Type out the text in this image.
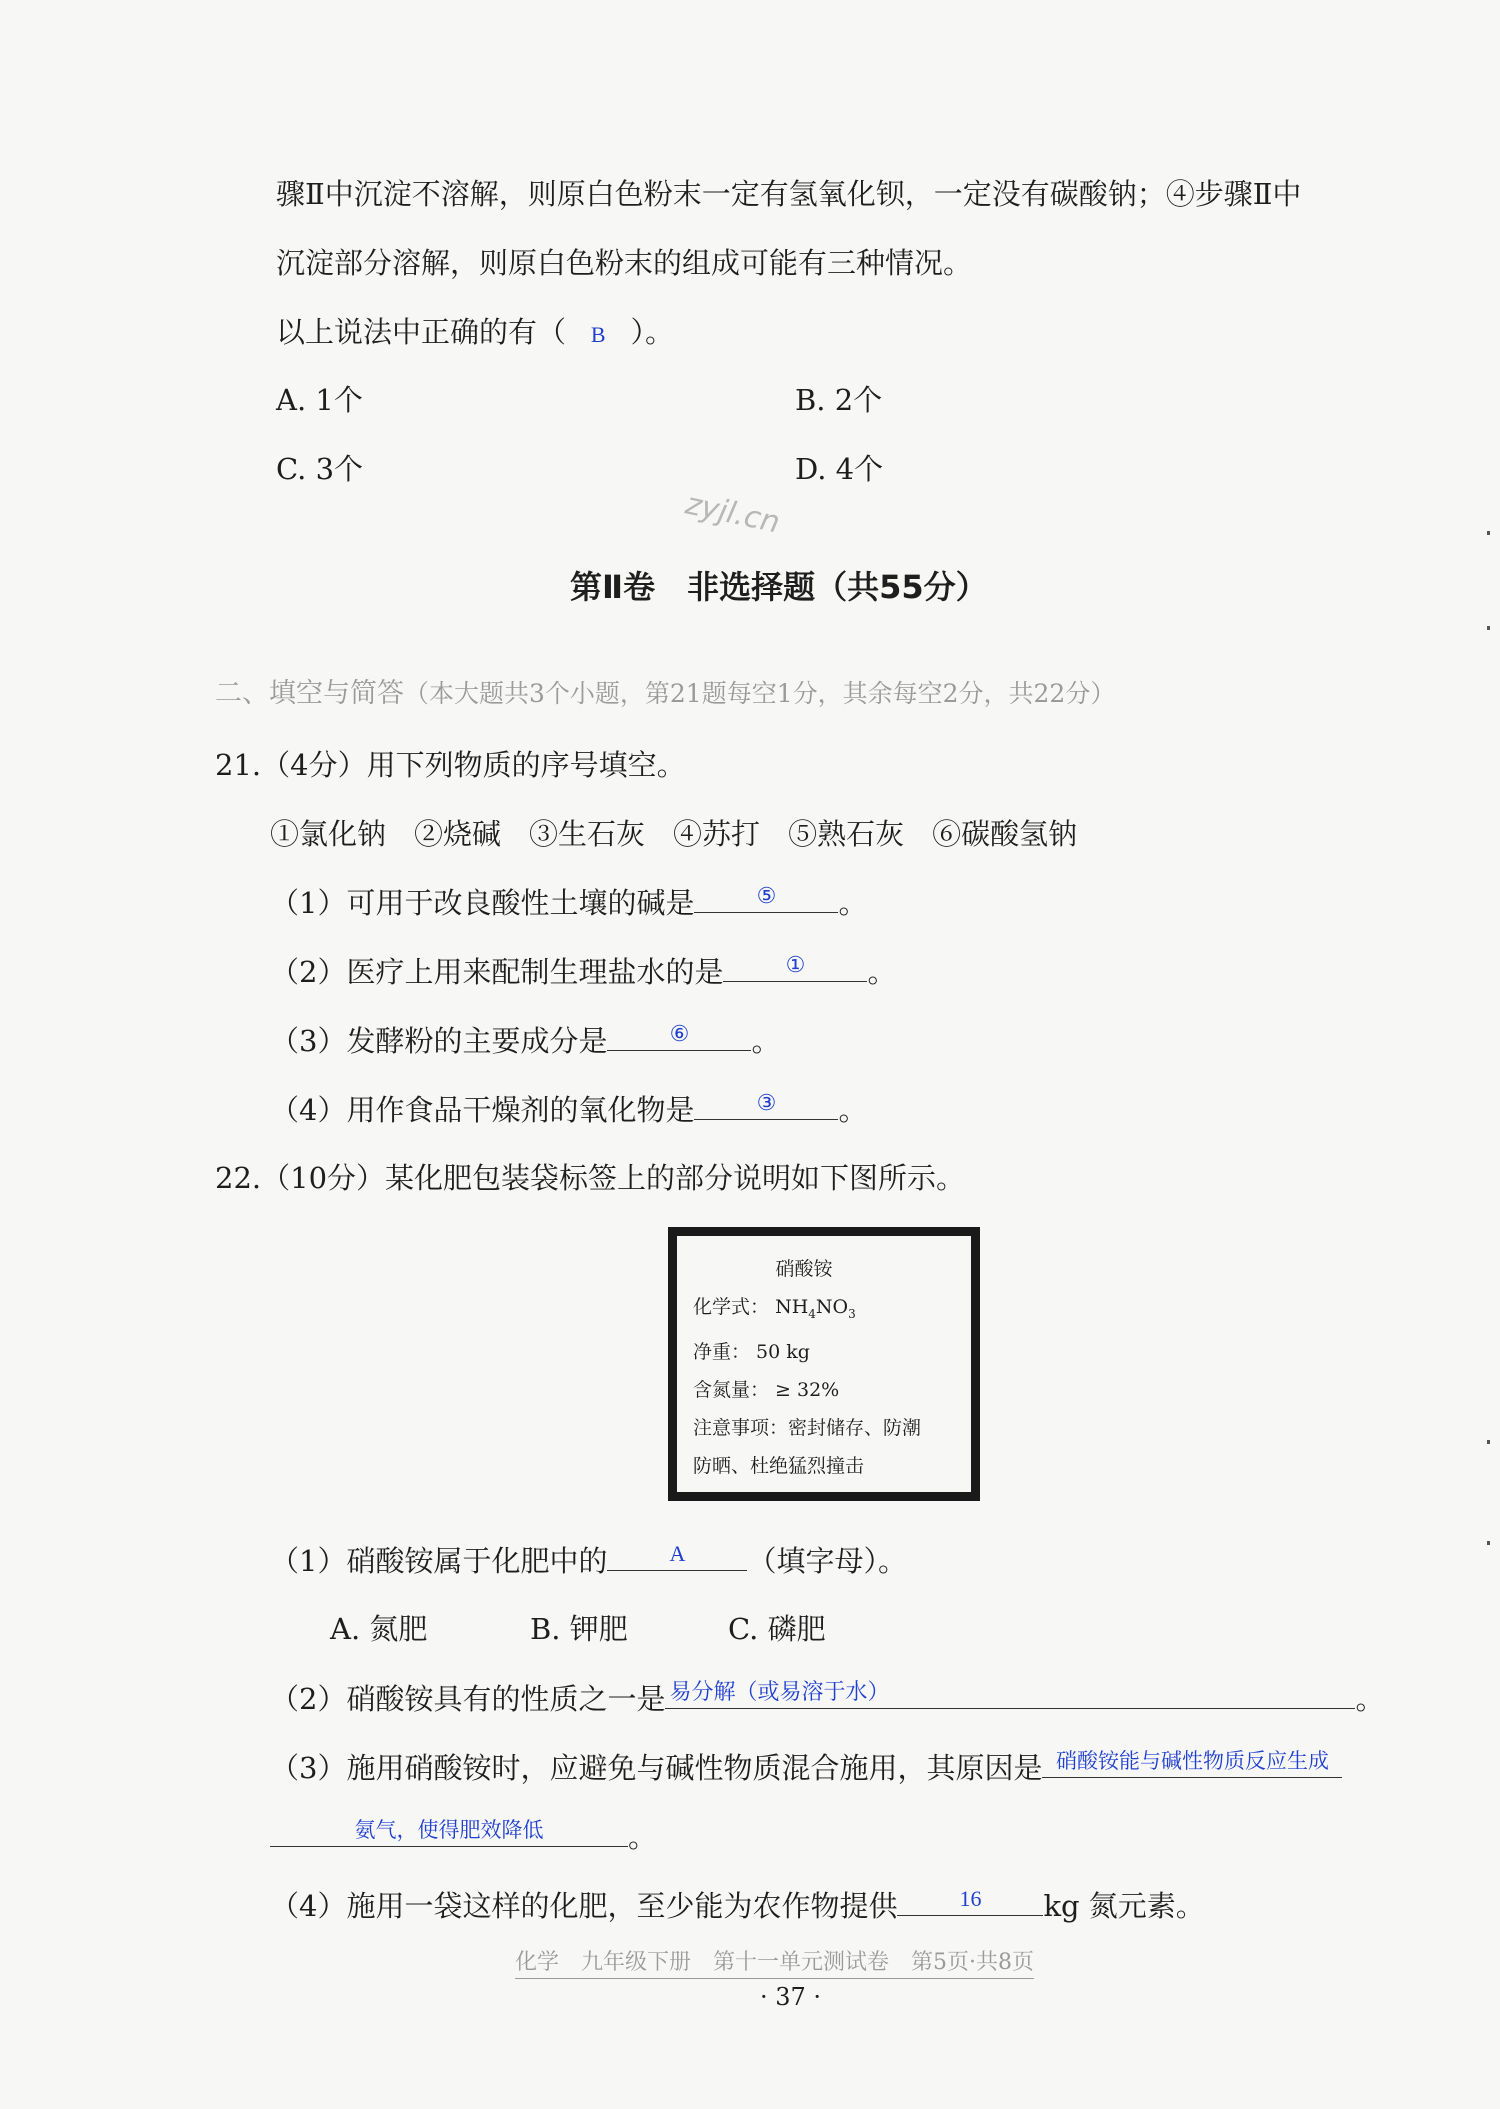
骤Ⅱ中沉淀不溶解，则原白色粉末一定有氢氧化钡，一定没有碳酸钠；④步骤Ⅱ中
沉淀部分溶解，则原白色粉末的组成可能有三种情况。
以上说法中正确的有（ B ）。
A. 1个	B. 2个
C. 3个	D. 4个
zyjl.cn
第Ⅱ卷　非选择题（共55分）
二、填空与简答（本大题共3个小题，第21题每空1分，其余每空2分，共22分）
21.（4分）用下列物质的序号填空。
①氯化钠 ②烧碱 ③生石灰 ④苏打 ⑤熟石灰 ⑥碳酸氢钠
（1）可用于改良酸性土壤的碱是	⑤	。
（2）医疗上用来配制生理盐水的是	①	。
（3）发酵粉的主要成分是	⑥	。
（4）用作食品干燥剂的氧化物是	③	。
22.（10分）某化肥包装袋标签上的部分说明如下图所示。
硝酸铵
化学式： $NH_4NO_3$
净重： 50 kg
含氮量： ≥ 32%
注意事项：密封储存、防潮
防晒、杜绝猛烈撞击
（1）硝酸铵属于化肥中的	A	（填字母）。
A. 氮肥	B. 钾肥	C. 磷肥
（2）硝酸铵具有的性质之一是 易分解（或易溶于水）	。
（3）施用硝酸铵时，应避免与碱性物质混合施用，其原因是 硝酸铵能与碱性物质反应生成
氨气，使得肥效降低	。
（4）施用一袋这样的化肥，至少能为农作物提供	16	kg 氮元素。
化学　九年级下册　第十一单元测试卷　第5页·共8页
· 37 ·
